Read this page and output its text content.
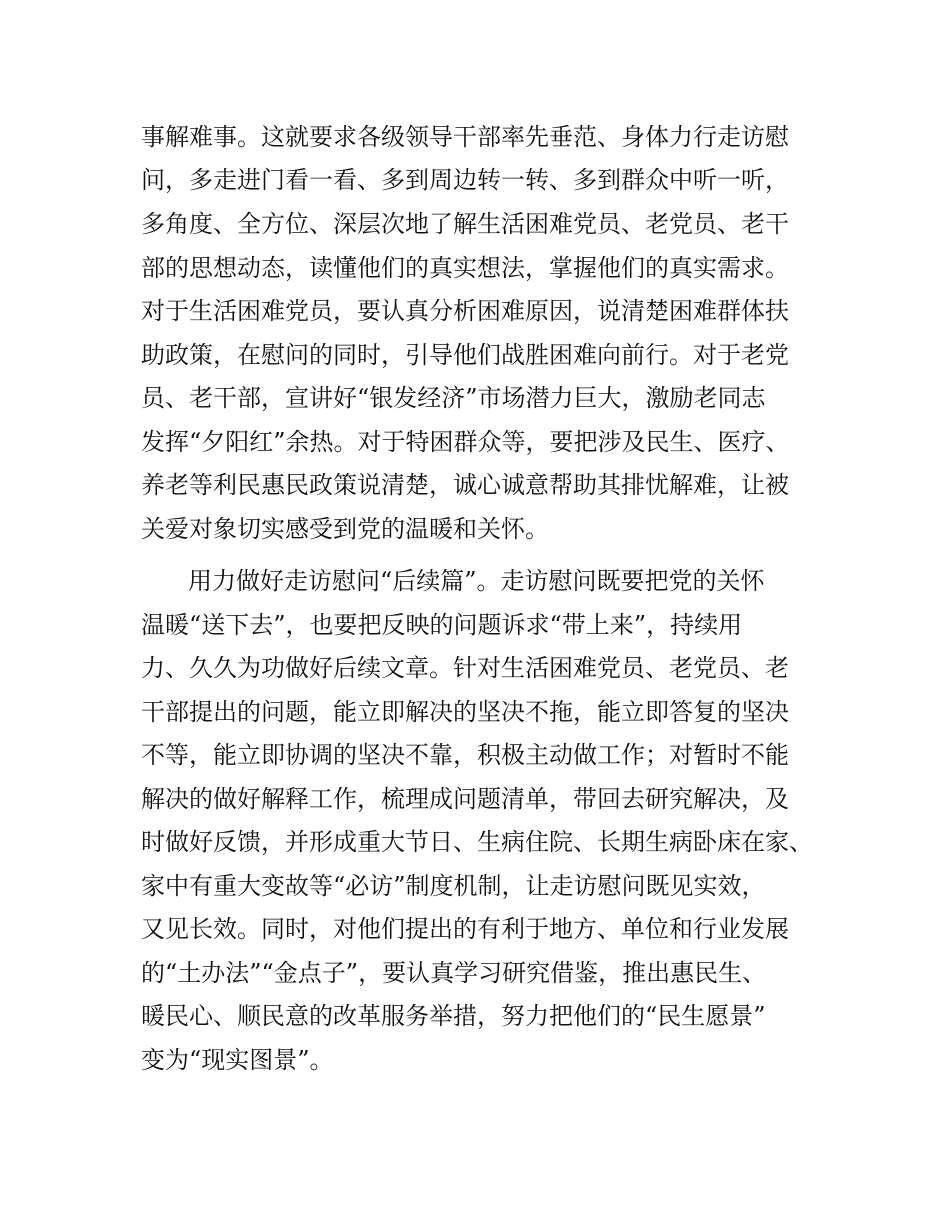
事解难事。这就要求各级领导干部率先垂范、身体力行走访慰
问，多走进门看一看、多到周边转一转、多到群众中听一听，
多角度、全方位、深层次地了解生活困难党员、老党员、老干
部的思想动态，读懂他们的真实想法，掌握他们的真实需求。
对于生活困难党员，要认真分析困难原因，说清楚困难群体扶
助政策，在慰问的同时，引导他们战胜困难向前行。对于老党
员、老干部，宣讲好“银发经济”市场潜力巨大，激励老同志
发挥“夕阳红”余热。对于特困群众等，要把涉及民生、医疗、
养老等利民惠民政策说清楚，诚心诚意帮助其排忧解难，让被
关爱对象切实感受到党的温暖和关怀。
用力做好走访慰问“后续篇”。走访慰问既要把党的关怀
温暖“送下去”，也要把反映的问题诉求“带上来”，持续用
力、久久为功做好后续文章。针对生活困难党员、老党员、老
干部提出的问题，能立即解决的坚决不拖，能立即答复的坚决
不等，能立即协调的坚决不靠，积极主动做工作；对暂时不能
解决的做好解释工作，梳理成问题清单，带回去研究解决，及
时做好反馈，并形成重大节日、生病住院、长期生病卧床在家、
家中有重大变故等“必访”制度机制，让走访慰问既见实效，
又见长效。同时，对他们提出的有利于地方、单位和行业发展
的“土办法”“金点子”，要认真学习研究借鉴，推出惠民生、
暖民心、顺民意的改革服务举措，努力把他们的“民生愿景”
变为“现实图景”。
